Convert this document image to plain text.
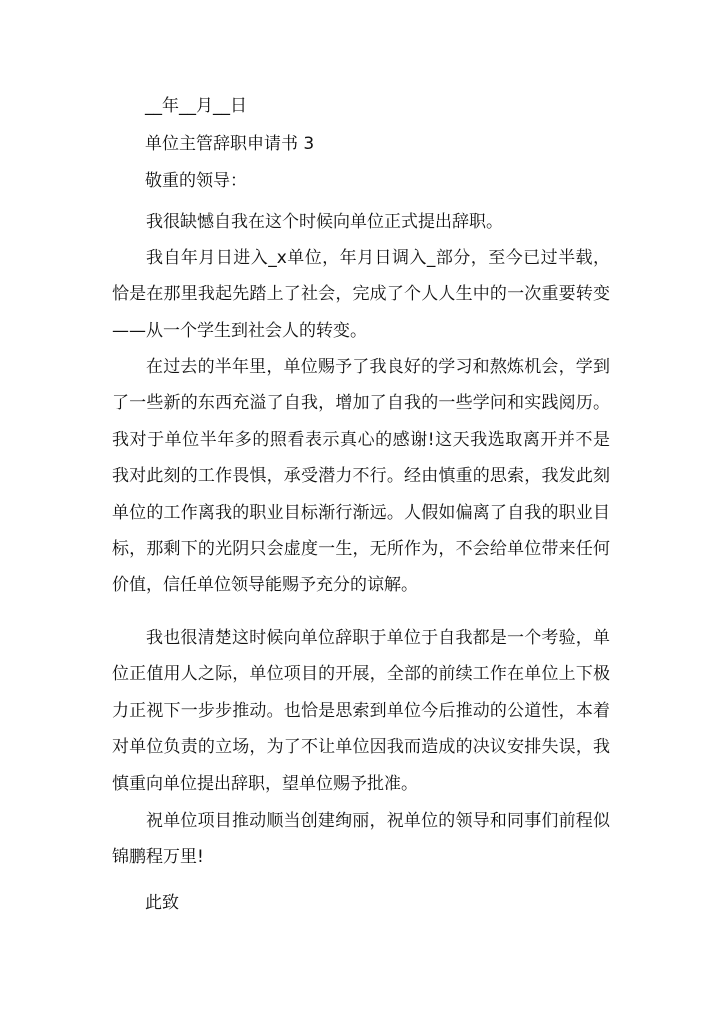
__年__月__日
单位主管辞职申请书 3
敬重的领导：
我很缺憾自我在这个时候向单位正式提出辞职。
我自年月日进入_x单位，年月日调入_部分，至今已过半载，恰是在那里我起先踏上了社会，完成了个人人生中的一次重要转变——从一个学生到社会人的转变。
在过去的半年里，单位赐予了我良好的学习和熬炼机会，学到了一些新的东西充溢了自我，增加了自我的一些学问和实践阅历。我对于单位半年多的照看表示真心的感谢!这天我选取离开并不是我对此刻的工作畏惧，承受潜力不行。经由慎重的思索，我发此刻单位的工作离我的职业目标渐行渐远。人假如偏离了自我的职业目标，那剩下的光阴只会虚度一生，无所作为，不会给单位带来任何价值，信任单位领导能赐予充分的谅解。
我也很清楚这时候向单位辞职于单位于自我都是一个考验，单位正值用人之际，单位项目的开展，全部的前续工作在单位上下极力正视下一步步推动。也恰是思索到单位今后推动的公道性，本着对单位负责的立场，为了不让单位因我而造成的决议安排失误，我慎重向单位提出辞职，望单位赐予批准。
祝单位项目推动顺当创建绚丽，祝单位的领导和同事们前程似锦鹏程万里!
此致
